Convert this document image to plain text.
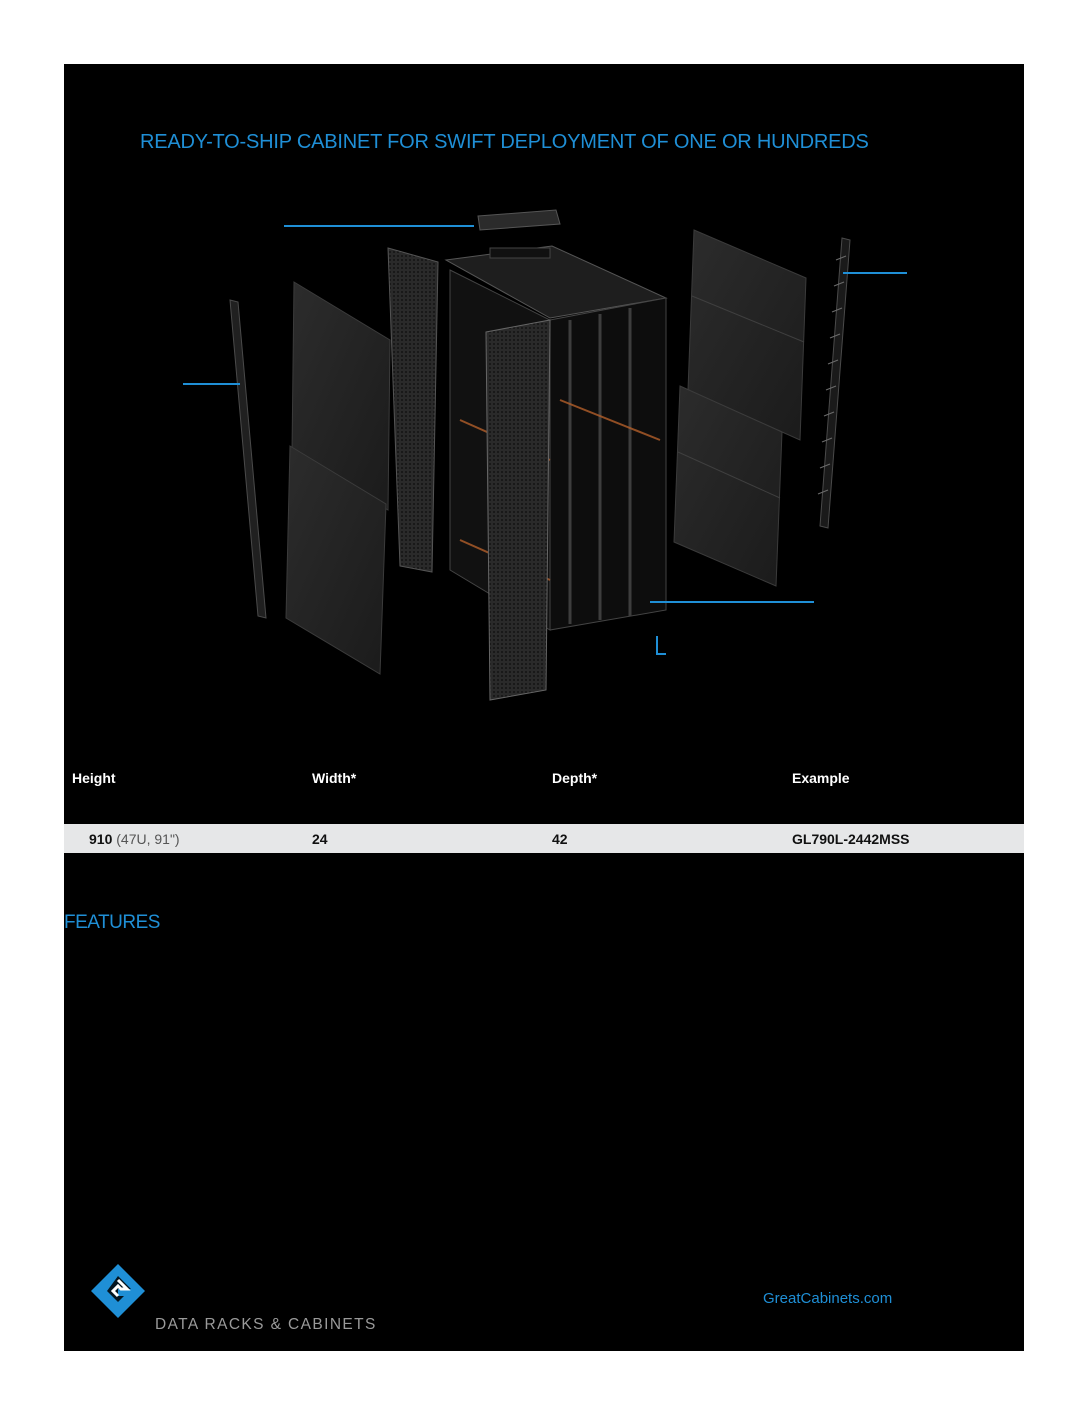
READY-TO-SHIP CABINET FOR SWIFT DEPLOYMENT OF ONE OR HUNDREDS
Height	Width*	Depth*	Example
910 (47U, 91")	24	42	GL790L-2442MSS
FEATURES
DATA RACKS & CABINETS
GreatCabinets.com
